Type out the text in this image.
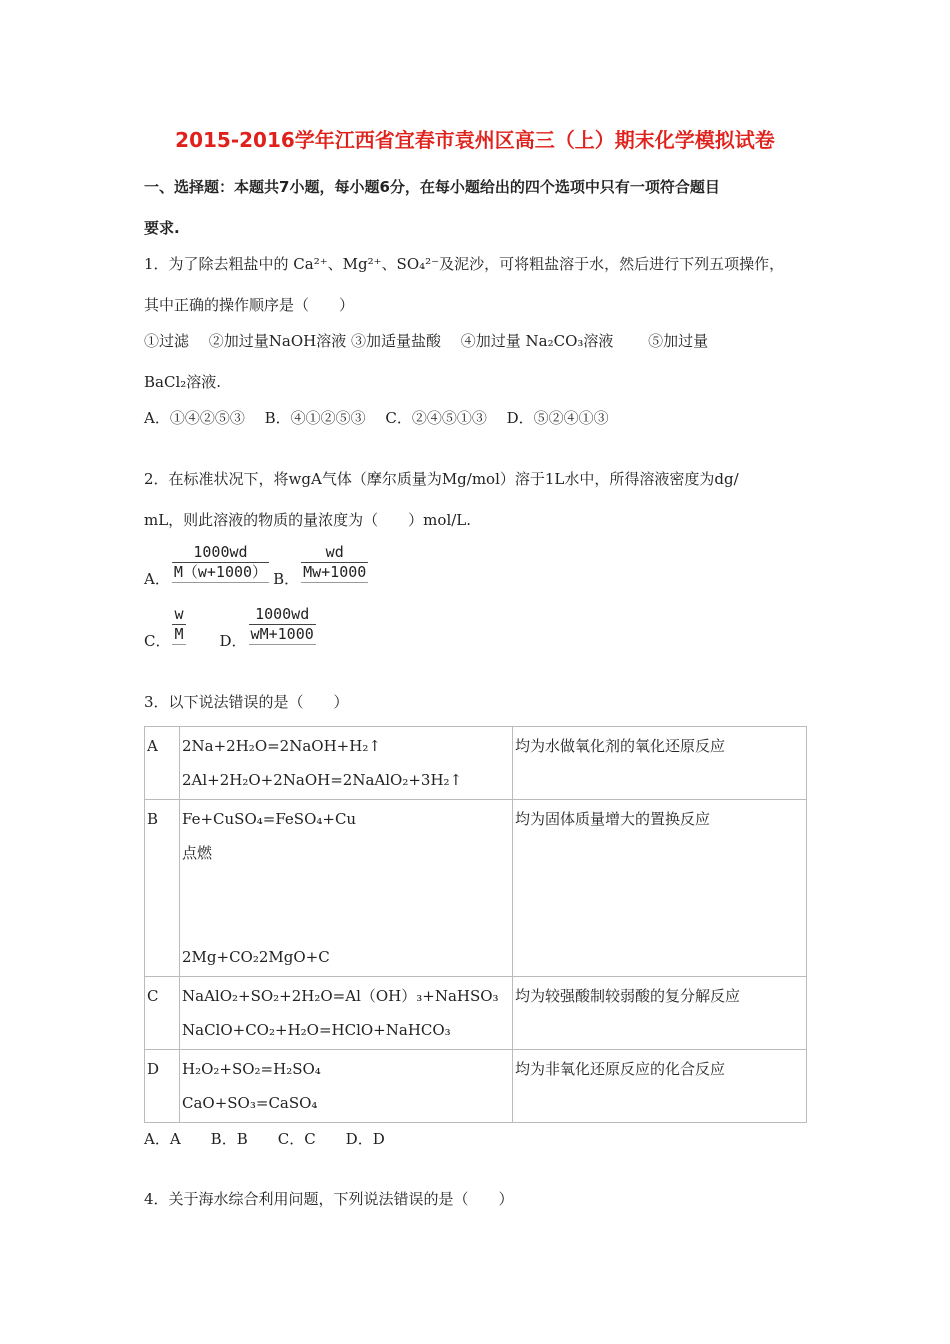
2015-2016学年江西省宜春市袁州区高三（上）期末化学模拟试卷
一、选择题：本题共7小题，每小题6分，在每小题给出的四个选项中只有一项符合题目
要求.
1．为了除去粗盐中的 Ca²⁺、Mg²⁺、SO₄²⁻及泥沙，可将粗盐溶于水，然后进行下列五项操作，
其中正确的操作顺序是（　　）
①过滤　 ②加过量NaOH溶液 ③加适量盐酸　 ④加过量 Na₂CO₃溶液　　 ⑤加过量
BaCl₂溶液.
A．①④②⑤③　 B．④①②⑤③　 C．②④⑤①③　 D．⑤②④①③
2．在标准状况下，将wgA气体（摩尔质量为Mg/mol）溶于1L水中，所得溶液密度为dg/
mL，则此溶液的物质的量浓度为（　　）mol/L.
A． $\frac{1000wd}{M(w+1000)}$ B． $\frac{wd}{Mw+1000}$
C． $\frac{w}{M}$ D． $\frac{1000wd}{wM+1000}$
3．以下说法错误的是（　　）
A	2Na+2H₂O=2NaOH+H₂↑
2Al+2H₂O+2NaOH=2NaAlO₂+3H₂↑	均为水做氧化剂的氧化还原反应
B	Fe+CuSO₄=FeSO₄+Cu
点燃
2Mg+CO₂2MgO+C	均为固体质量增大的置换反应
C	NaAlO₂+SO₂+2H₂O=Al（OH）₃+NaHSO₃
NaClO+CO₂+H₂O=HClO+NaHCO₃	均为较强酸制较弱酸的复分解反应
D	H₂O₂+SO₂=H₂SO₄
CaO+SO₃=CaSO₄	均为非氧化还原反应的化合反应
A．A　　B．B　　C．C　　D．D
4．关于海水综合利用问题，下列说法错误的是（　　）
